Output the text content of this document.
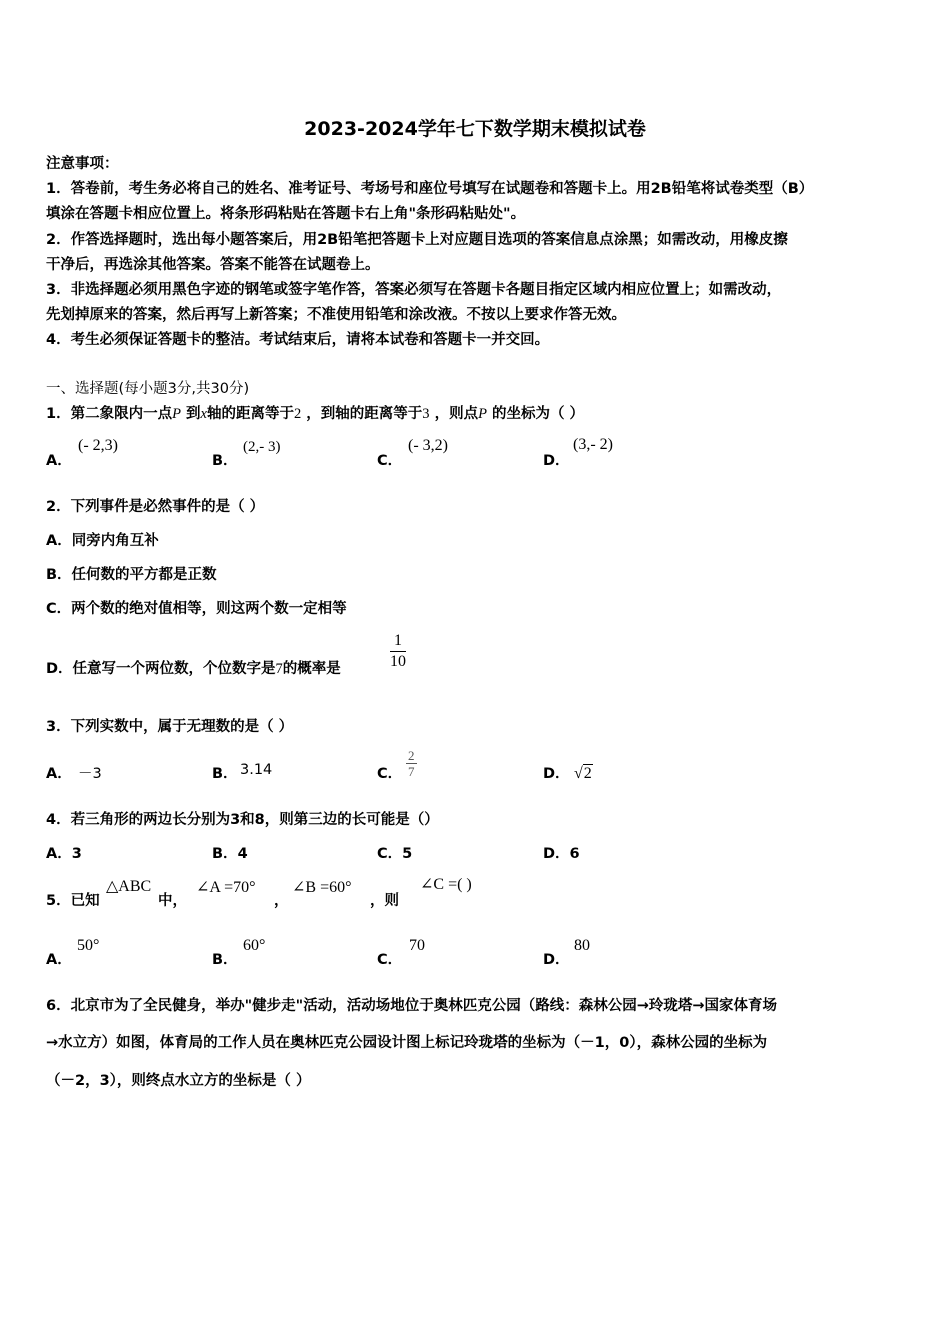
2023-2024学年七下数学期末模拟试卷
注意事项：
1．答卷前，考生务必将自己的姓名、准考证号、考场号和座位号填写在试题卷和答题卡上。用2B铅笔将试卷类型（B）
填涂在答题卡相应位置上。将条形码粘贴在答题卡右上角"条形码粘贴处"。
2．作答选择题时，选出每小题答案后，用2B铅笔把答题卡上对应题目选项的答案信息点涂黑；如需改动，用橡皮擦
干净后，再选涂其他答案。答案不能答在试题卷上。
3．非选择题必须用黑色字迹的钢笔或签字笔作答，答案必须写在答题卡各题目指定区域内相应位置上；如需改动，
先划掉原来的答案，然后再写上新答案；不准使用铅笔和涂改液。不按以上要求作答无效。
4．考生必须保证答题卡的整洁。考试结束后，请将本试卷和答题卡一并交回。
一、选择题(每小题3分,共30分)
1．第二象限内一点P 到x轴的距离等于2 ，到轴的距离等于3 ，则点P 的坐标为（ ）
A．
(- 2,3)
B．
(2,- 3)
C．
(- 3,2)
D．
(3,- 2)
2．下列事件是必然事件的是（ ）
A．同旁内角互补
B．任何数的平方都是正数
C．两个数的绝对值相等，则这两个数一定相等
D．任意写一个两位数，个位数字是7的概率是	$\frac{1}{10}$
3．下列实数中，属于无理数的是（ ）
A． －3	B． 3.14	C． $\frac{2}{7}$	D． √2
4．若三角形的两边长分别为3和8，则第三边的长可能是（）
A．3	B．4	C．5	D．6
5．已知
△ABC
中，
∠A =70°
，
∠B =60°
，则
∠C =( )
A．
50°
B．
60°
C．
70
D．
80
6．北京市为了全民健身，举办"健步走"活动，活动场地位于奥林匹克公园（路线：森林公园→玲珑塔→国家体育场
→水立方）如图，体育局的工作人员在奥林匹克公园设计图上标记玲珑塔的坐标为（－1，0），森林公园的坐标为
（－2，3），则终点水立方的坐标是（ ）
